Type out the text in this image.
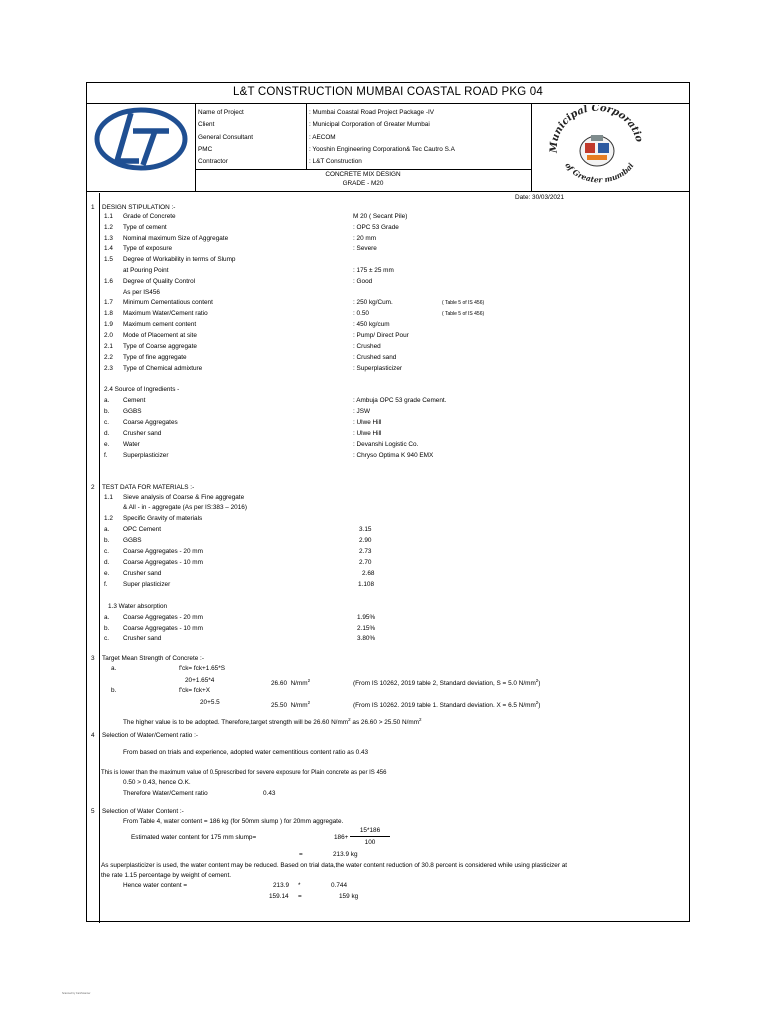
L&T CONSTRUCTION MUMBAI COASTAL ROAD PKG 04
Name of Project	: Mumbai Coastal Road Project Package -IV
Client	: Municipal Corporation of Greater Mumbai
General Consultant	: AECOM
PMC	: Yooshin Engineering Corporation& Tec Cautro S.A
Contractor	: L&T Construction
CONCRETE MIX DESIGN
GRADE - M20
Municipal Corporatio
of Greater mumbai
Date: 30/03/2021
1 DESIGN STIPULATION :-
1.1 Grade of Concrete	M 20 ( Secant Pile)
1.2 Type of cement	: OPC 53 Grade
1.3 Nominal maximum Size of Aggregate	: 20 mm
1.4 Type of exposure	: Severe
1.5 Degree of Workability in terms of Slump
at Pouring Point	: 175 ± 25 mm
1.6 Degree of Quality Control	: Good
As per IS456
1.7 Minimum Cementatious content	: 250 kg/Cum.	( Table 5 of IS 456)
1.8 Maximum Water/Cement ratio	: 0.50	( Table 5 of IS 456)
1.9 Maximum cement content	: 450 kg/cum
2.0 Mode of Placement at site	: Pump/ Direct Pour
2.1 Type of Coarse aggregate	: Crushed
2.2 Type of fine aggregate	: Crushed sand
2.3 Type of Chemical admixture	: Superplasticizer
2.4 Source of Ingredients -
a. Cement	: Ambuja OPC 53 grade Cement.
b. GGBS	: JSW
c. Coarse Aggregates	: Ulwe Hill
d. Crusher sand	: Ulwe Hill
e. Water	: Devanshi Logistic Co.
f. Superplasticizer	: Chryso Optima K 940 EMX
2 TEST DATA FOR MATERIALS :-
1.1 Sieve analysis of Coarse & Fine aggregate
& All - in - aggregate (As per IS:383 – 2016)
1.2 Specific Gravity of materials
a. OPC Cement	3.15
b. GGBS	2.90
c. Coarse Aggregates - 20 mm	2.73
d. Coarse Aggregates - 10 mm	2.70
e. Crusher sand	2.68
f. Super plasticizer	1.108
1.3 Water absorption
a. Coarse Aggregates - 20 mm	1.95%
b. Coarse Aggregates - 10 mm	2.15%
c. Crusher sand	3.80%
3 Target Mean Strength of Concrete :-
a.	f'ck= fck+1.65*S
20+1.65*4	26.60 $N/mm^2$	(From IS 10262, 2019 table 2, Standard deviation, S = 5.0 $N/mm^2$)
b.	f'ck= fck+X
20+5.5	25.50 $N/mm^2$	(From IS 10262. 2019 table 1. Standard deviation. X = 6.5 $N/mm^2$)
The higher value is to be adopted. Therefore,target strength will be 26.60 $N/mm^2$ as 26.60 > 25.50 $N/mm^2$
4 Selection of Water/Cement ratio :-
From based on trials and experience, adopted water cementitious content ratio as 0.43
This is lower than the maximum value of 0.5prescribed for severe exposure for Plain concrete as per IS 456
0.50 > 0.43, hence O.K.
Therefore Water/Cement ratio	0.43
5 Selection of Water Content :-
From Table 4, water content = 186 kg (for 50mm slump ) for 20mm aggregate.
Estimated water content for 175 mm slump=	186+
15*186
100
=	213.9 kg
As superplasticizer is used, the water content may be reduced. Based on trial data,the water content reduction of 30.8 percent is considered while using plasticizer at
the rate 1.15 percentage by weight of cement.
Hence water content =	213.9 *	0.744
159.14 =	159 kg
Scanned by CamScanner
